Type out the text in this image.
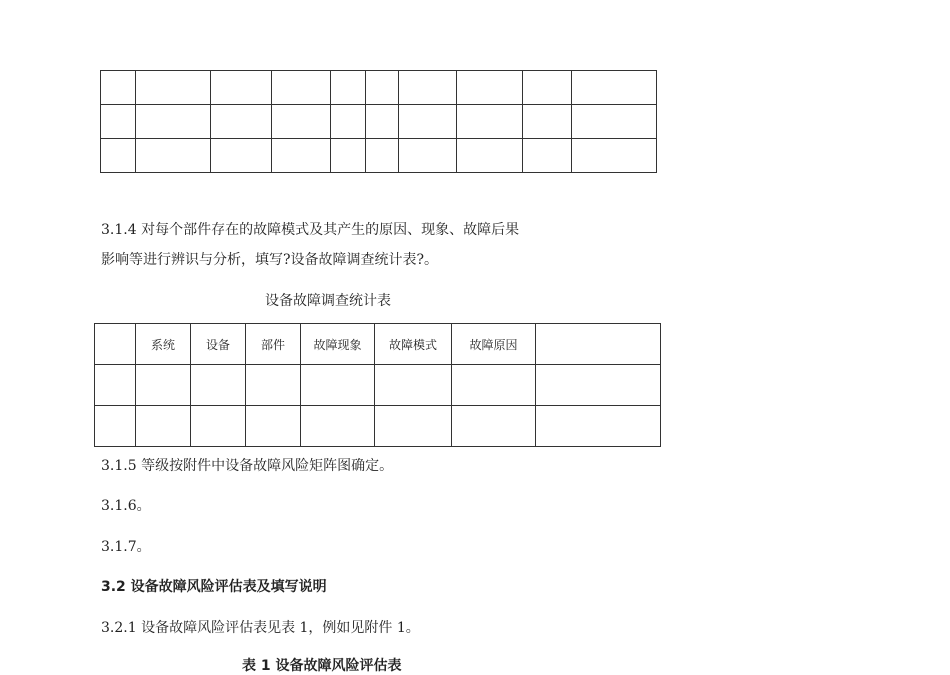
3.1.4 对每个部件存在的故障模式及其产生的原因、现象、故障后果
影响等进行辨识与分析，填写?设备故障调查统计表?。
设备故障调查统计表
	系统	设备	部件	故障现象	故障模式	故障原因	

3.1.5 等级按附件中设备故障风险矩阵图确定。
3.1.6。
3.1.7。
3.2 设备故障风险评估表及填写说明
3.2.1 设备故障风险评估表见表 1，例如见附件 1。
表 1 设备故障风险评估表
